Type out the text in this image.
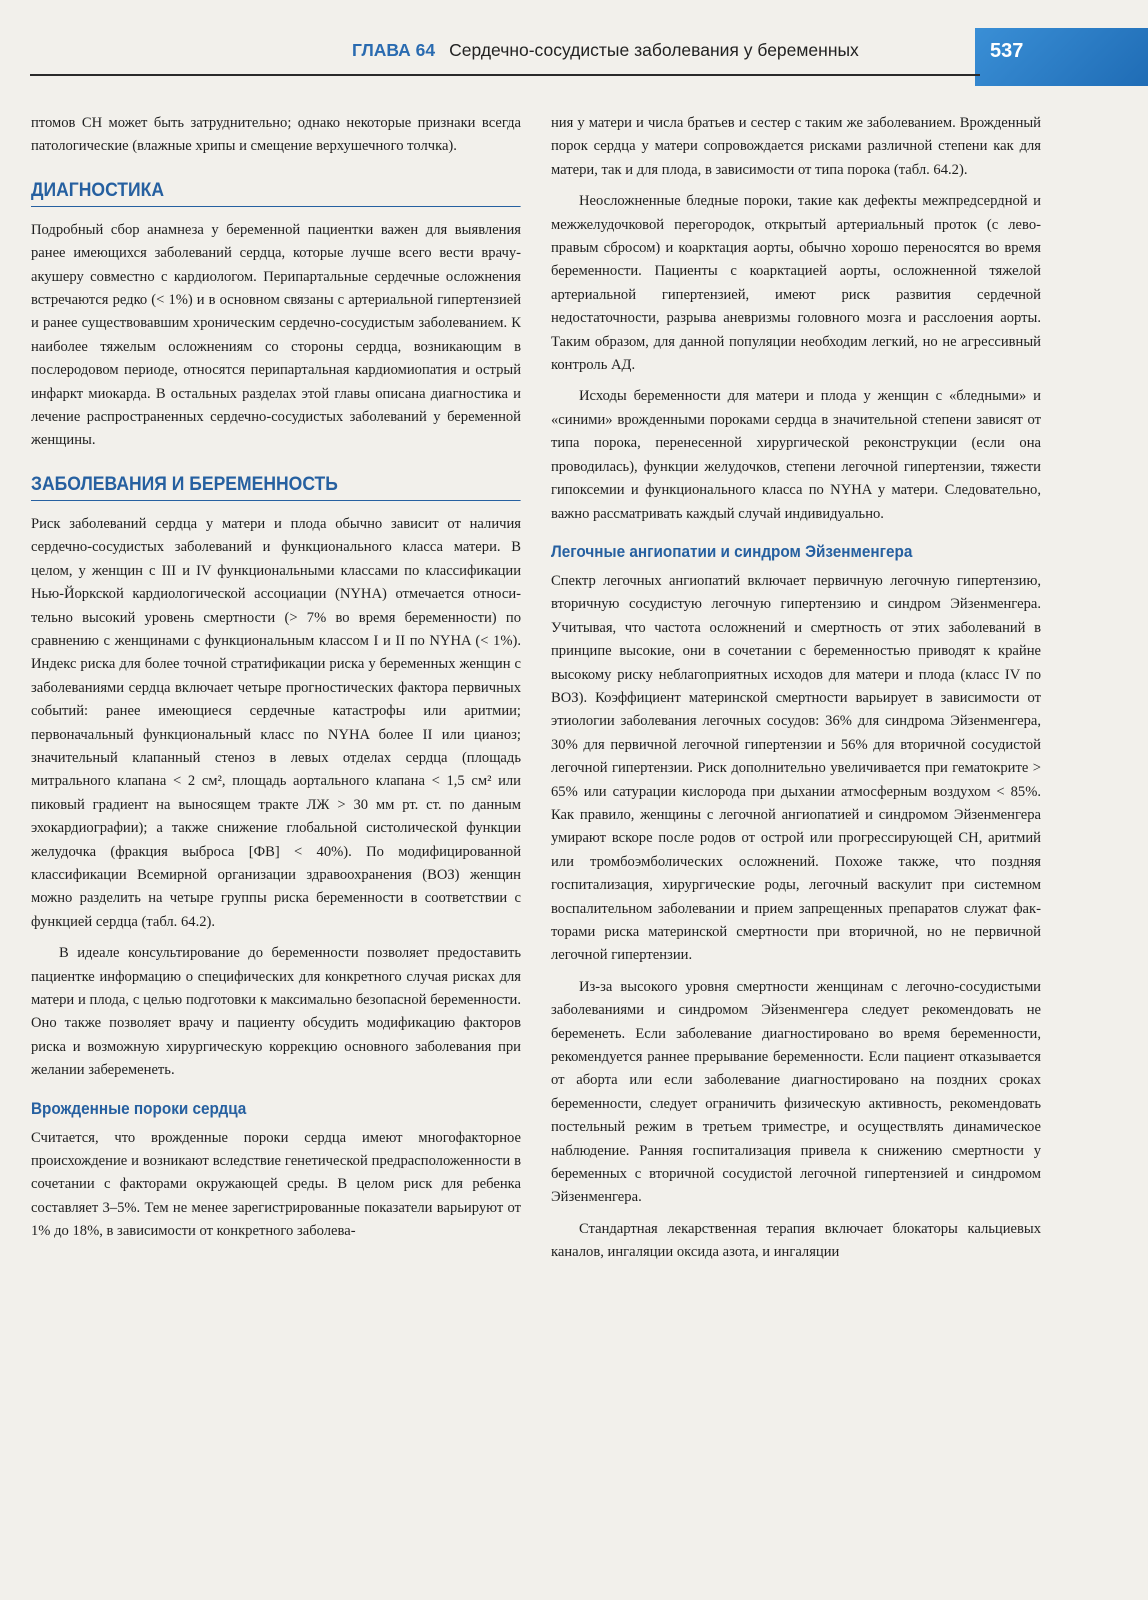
ГЛАВА 64 Сердечно-сосудистые заболевания у беременных	537

птомов СН может быть затруднительно; однако некоторые признаки всегда патологические (влажные хрипы и смещение верхушечного толчка).

ДИАГНОСТИКА

Подробный сбор анамнеза у беременной пациентки важен для выявления ранее имеющихся заболеваний сердца, которые лучше всего вести врачу-акушеру совместно с кардиологом. Перипартальные сердечные осложнения встречаются редко (< 1%) и в основном связаны с артериальной гипертензией и ранее существовавшим хроническим сердечно-сосудистым заболеванием. К наиболее тяжелым осложнениям со стороны сердца, возникающим в послеродовом периоде, относятся перипартальная кардиомиопатия и острый инфаркт миокарда. В остальных разделах этой главы описана диагностика и лечение распространенных сердечно-сосудистых заболеваний у беременной женщины.

ЗАБОЛЕВАНИЯ И БЕРЕМЕННОСТЬ

Риск заболеваний сердца у матери и плода обычно зависит от наличия сердечно-сосудистых заболеваний и функционального класса матери. В целом, у женщин с III и IV функциональными классами по классификации Нью-Йоркской кардиологической ассоциации (NYHA) отмечается относительно высокий уровень смертности (> 7% во время беременности) по сравнению с женщинами с функциональным классом I и II по NYHA (< 1%). Индекс риска для более точной стратификации риска у беременных женщин с заболеваниями сердца включает четыре прогностических фактора первичных событий: ранее имеющиеся сердечные катастрофы или аритмии; первоначальный функциональный класс по NYHA более II или цианоз; значительный клапанный стеноз в левых отделах сердца (площадь митрального клапана < 2 см², площадь аортального клапана < 1,5 см² или пиковый градиент на выносящем тракте ЛЖ > 30 мм рт. ст. по данным эхокардиографии); а также снижение глобальной систолической функции желудочка (фракция выброса [ФВ] < 40%). По модифицированной классификации Всемирной организации здравоохранения (ВОЗ) женщин можно разделить на четыре группы риска беременности в соответствии с функцией сердца (табл. 64.2).

В идеале консультирование до беременности позволяет предоставить пациентке информацию о специфических для конкретного случая рисках для матери и плода, с целью подготовки к максимально безопасной беременности. Оно также позволяет врачу и пациенту обсудить модификацию факторов риска и возможную хирургическую коррекцию основного заболевания при желании забеременеть.

Врожденные пороки сердца

Считается, что врожденные пороки сердца имеют многофакторное происхождение и возникают вследствие генетической предрасположенности в сочетании с факторами окружающей среды. В целом риск для ребенка составляет 3–5%. Тем не менее зарегистрированные показатели варьируют от 1% до 18%, в зависимости от конкретного заболева-

ния у матери и числа братьев и сестер с таким же заболеванием. Врожденный порок сердца у матери сопровождается рисками различной степени как для матери, так и для плода, в зависимости от типа порока (табл. 64.2).

Неосложненные бледные пороки, такие как дефекты межпредсердной и межжелудочковой перегородок, открытый артериальный проток (с лево-правым сбросом) и коарктация аорты, обычно хорошо переносятся во время беременности. Пациенты с коарктацией аорты, осложненной тяжелой артериальной гипертензией, имеют риск развития сердечной недостаточности, разрыва аневризмы головного мозга и расслоения аорты. Таким образом, для данной популяции необходим легкий, но не агрессивный контроль АД.

Исходы беременности для матери и плода у женщин с «бледными» и «синими» врожденными пороками сердца в значительной степени зависят от типа порока, перенесенной хирургической реконструкции (если она проводилась), функции желудочков, степени легочной гипертензии, тяжести гипоксемии и функционального класса по NYHA у матери. Следовательно, важно рассматривать каждый случай индивидуально.

Легочные ангиопатии и синдром Эйзенменгера

Спектр легочных ангиопатий включает первичную легочную гипертензию, вторичную сосудистую легочную гипертензию и синдром Эйзенменгера. Учитывая, что частота осложнений и смертность от этих заболеваний в принципе высокие, они в сочетании с беременностью приводят к крайне высокому риску неблагоприятных исходов для матери и плода (класс IV по ВОЗ). Коэффициент материнской смертности варьирует в зависимости от этиологии заболевания легочных сосудов: 36% для синдрома Эйзенменгера, 30% для первичной легочной гипертензии и 56% для вторичной сосудистой легочной гипертензии. Риск дополнительно увеличивается при гематокрите > 65% или сатурации кислорода при дыхании атмосферным воздухом < 85%. Как правило, женщины с легочной ангиопатией и синдромом Эйзенменгера умирают вскоре после родов от острой или прогрессирующей СН, аритмий или тромбоэмболических осложнений. Похоже также, что поздняя госпитализация, хирургические роды, легочный васкулит при системном воспалительном заболевании и прием запрещенных препаратов служат факторами риска материнской смертности при вторичной, но не первичной легочной гипертензии.

Из-за высокого уровня смертности женщинам с легочно-сосудистыми заболеваниями и синдромом Эйзенменгера следует рекомендовать не беременеть. Если заболевание диагностировано во время беременности, рекомендуется раннее прерывание беременности. Если пациент отказывается от аборта или если заболевание диагностировано на поздних сроках беременности, следует ограничить физическую активность, рекомендовать постельный режим в третьем триместре, и осуществлять динамическое наблюдение. Ранняя госпитализация привела к снижению смертности у беременных с вторичной сосудистой легочной гипертензией и синдромом Эйзенменгера.

Стандартная лекарственная терапия включает блокаторы кальциевых каналов, ингаляции оксида азота, и ингаляции
